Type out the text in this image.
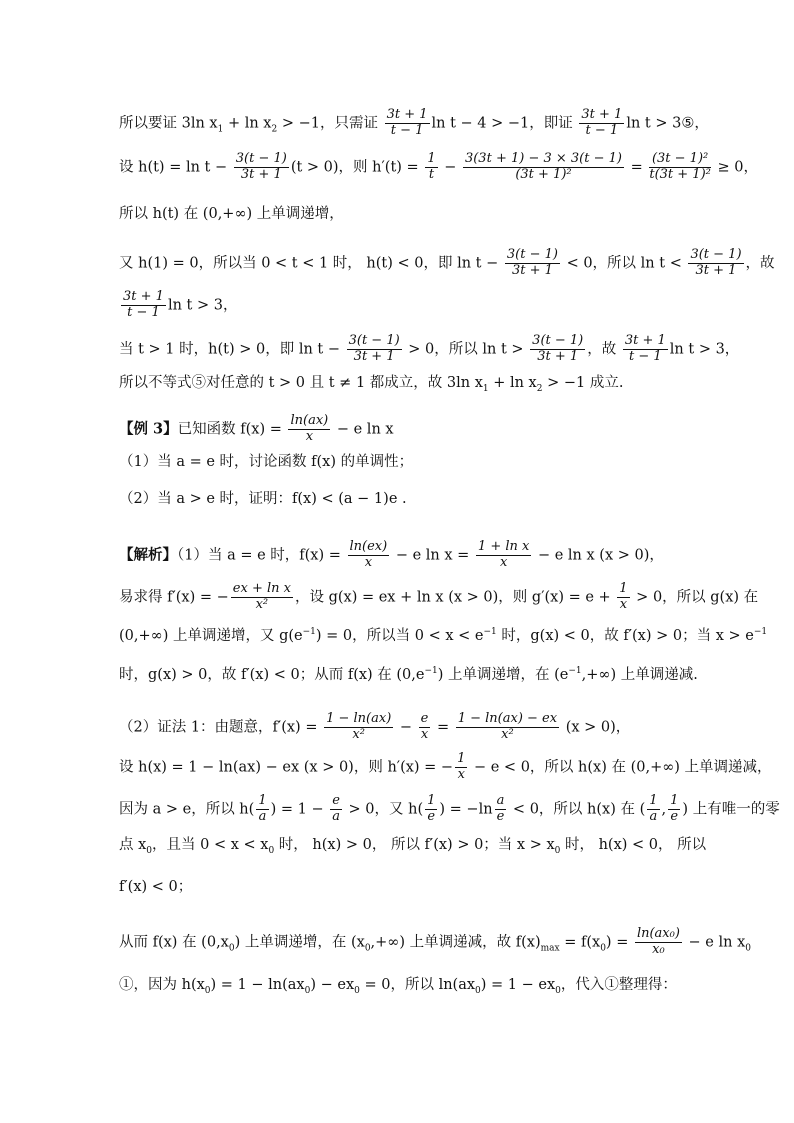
所以要证 3ln $x_1 + \ln x_2 > -1$，只需证 $\frac{3t + 1}{t - 1}$ ln t − 4 > −1，即证 $\frac{3t + 1}{t - 1}$ ln t > 3⑤，
设 $h(t) = \ln t - \frac{3(t - 1)}{3t + 1} (t > 0)$，则 $h'(t) = \frac{1}{t} - \frac{3(3t + 1) - 3 \times 3(t - 1)}{\text{(3t + 1)²}} = \frac{\text{(3t − 1)²}}{\text{t(3t + 1)²}} \ge 0$，
所以 h(t) 在 (0,+∞) 上单调递增，
又 h(1) = 0，所以当 0 < t < 1 时， h(t) < 0，即 $\ln t - \frac{3(t - 1)}{3t + 1} < 0$，所以 $\ln t < \frac{3(t - 1)}{3t + 1}$ ，故
$\frac{3t + 1}{t - 1}$ ln t > 3，
当 t > 1 时，h(t) > 0，即 $\ln t - \frac{3(t - 1)}{3t + 1} > 0$，所以 $\ln t > \frac{3(t - 1)}{3t + 1}$ ，故 $\frac{3t + 1}{t - 1}$ ln t > 3，
所以不等式⑤对任意的 t > 0 且 t ≠ 1 都成立，故 3ln $x_1 + \ln x_2 > -1$ 成立.
【例 3】已知函数 $f(x) = \frac{\ln(ax)}{x} - e$ ln x
（1）当 a = e 时，讨论函数 f(x) 的单调性；
（2）当 a > e 时，证明：f(x) < (a − 1)e .
【解析】（1）当 a = e 时，$f(x) = \frac{\ln(ex)}{x} - e$ $\ln x = \frac{\text{1 + ln x}}{x} - e$ ln x (x > 0)，
易求得 f′(x) = − $\frac{\text{ex + ln x}}{\text{x²}}$ ，设 g(x) = ex + ln x (x > 0)，则 $g'(x) = e + \frac{1}{x} > 0$，所以 g(x) 在
(0,+∞) 上单调递增，又 $g(e^{-1}) = 0$，所以当 $0 < x < e^{-1}$ 时，g(x) < 0，故 f′(x) > 0；当 $x > e^{-1}$
时，g(x) > 0，故 f′(x) < 0；从而 f(x) 在 $(0,e^{-1})$ 上单调递增，在 $(e^{-1},+\infty)$ 上单调递减.
（2）证法 1：由题意，$f'(x) = \frac{1 - \ln(ax)}{\text{x²}} - \frac{e}{x} = \frac{1 - \ln(ax) - ex}{\text{x²}} (x > 0)$，
设 h(x) = 1 − ln(ax) − ex (x > 0)，则 h′(x) = − $\frac{1}{x} - e < 0$，所以 h(x) 在 (0,+∞) 上单调递减，
因为 a > e，所以 $h( \frac{1}{a}$ ) = $1 - \frac{e}{a} > 0$，又 $h( \frac{1}{e}$ ) = $-\ln \frac{a}{e} < 0$，所以 h(x) 在 ( $\frac{1}{a}$ , $\frac{1}{e}$ ) 上有唯一的零
点 $x_0$，且当 $0 < x < x_0$ 时， h(x) > 0， 所以 f′(x) > 0；当 $x > x_0$ 时， h(x) < 0， 所以
f′(x) < 0；
从而 f(x) 在 $(0,x_0)$ 上单调递增，在 $(x_0,+\infty)$ 上单调递减，故 $f(x)_{max} = f(x_0) = \frac{\text{ln(ax₀)}}{\text{x₀}} - e$ $\ln x_0$
①，因为 $h(x_0) = 1 - \ln(ax_0) - ex_0 = 0$，所以 $\ln(ax_0) = 1 - ex_0$，代入①整理得：
